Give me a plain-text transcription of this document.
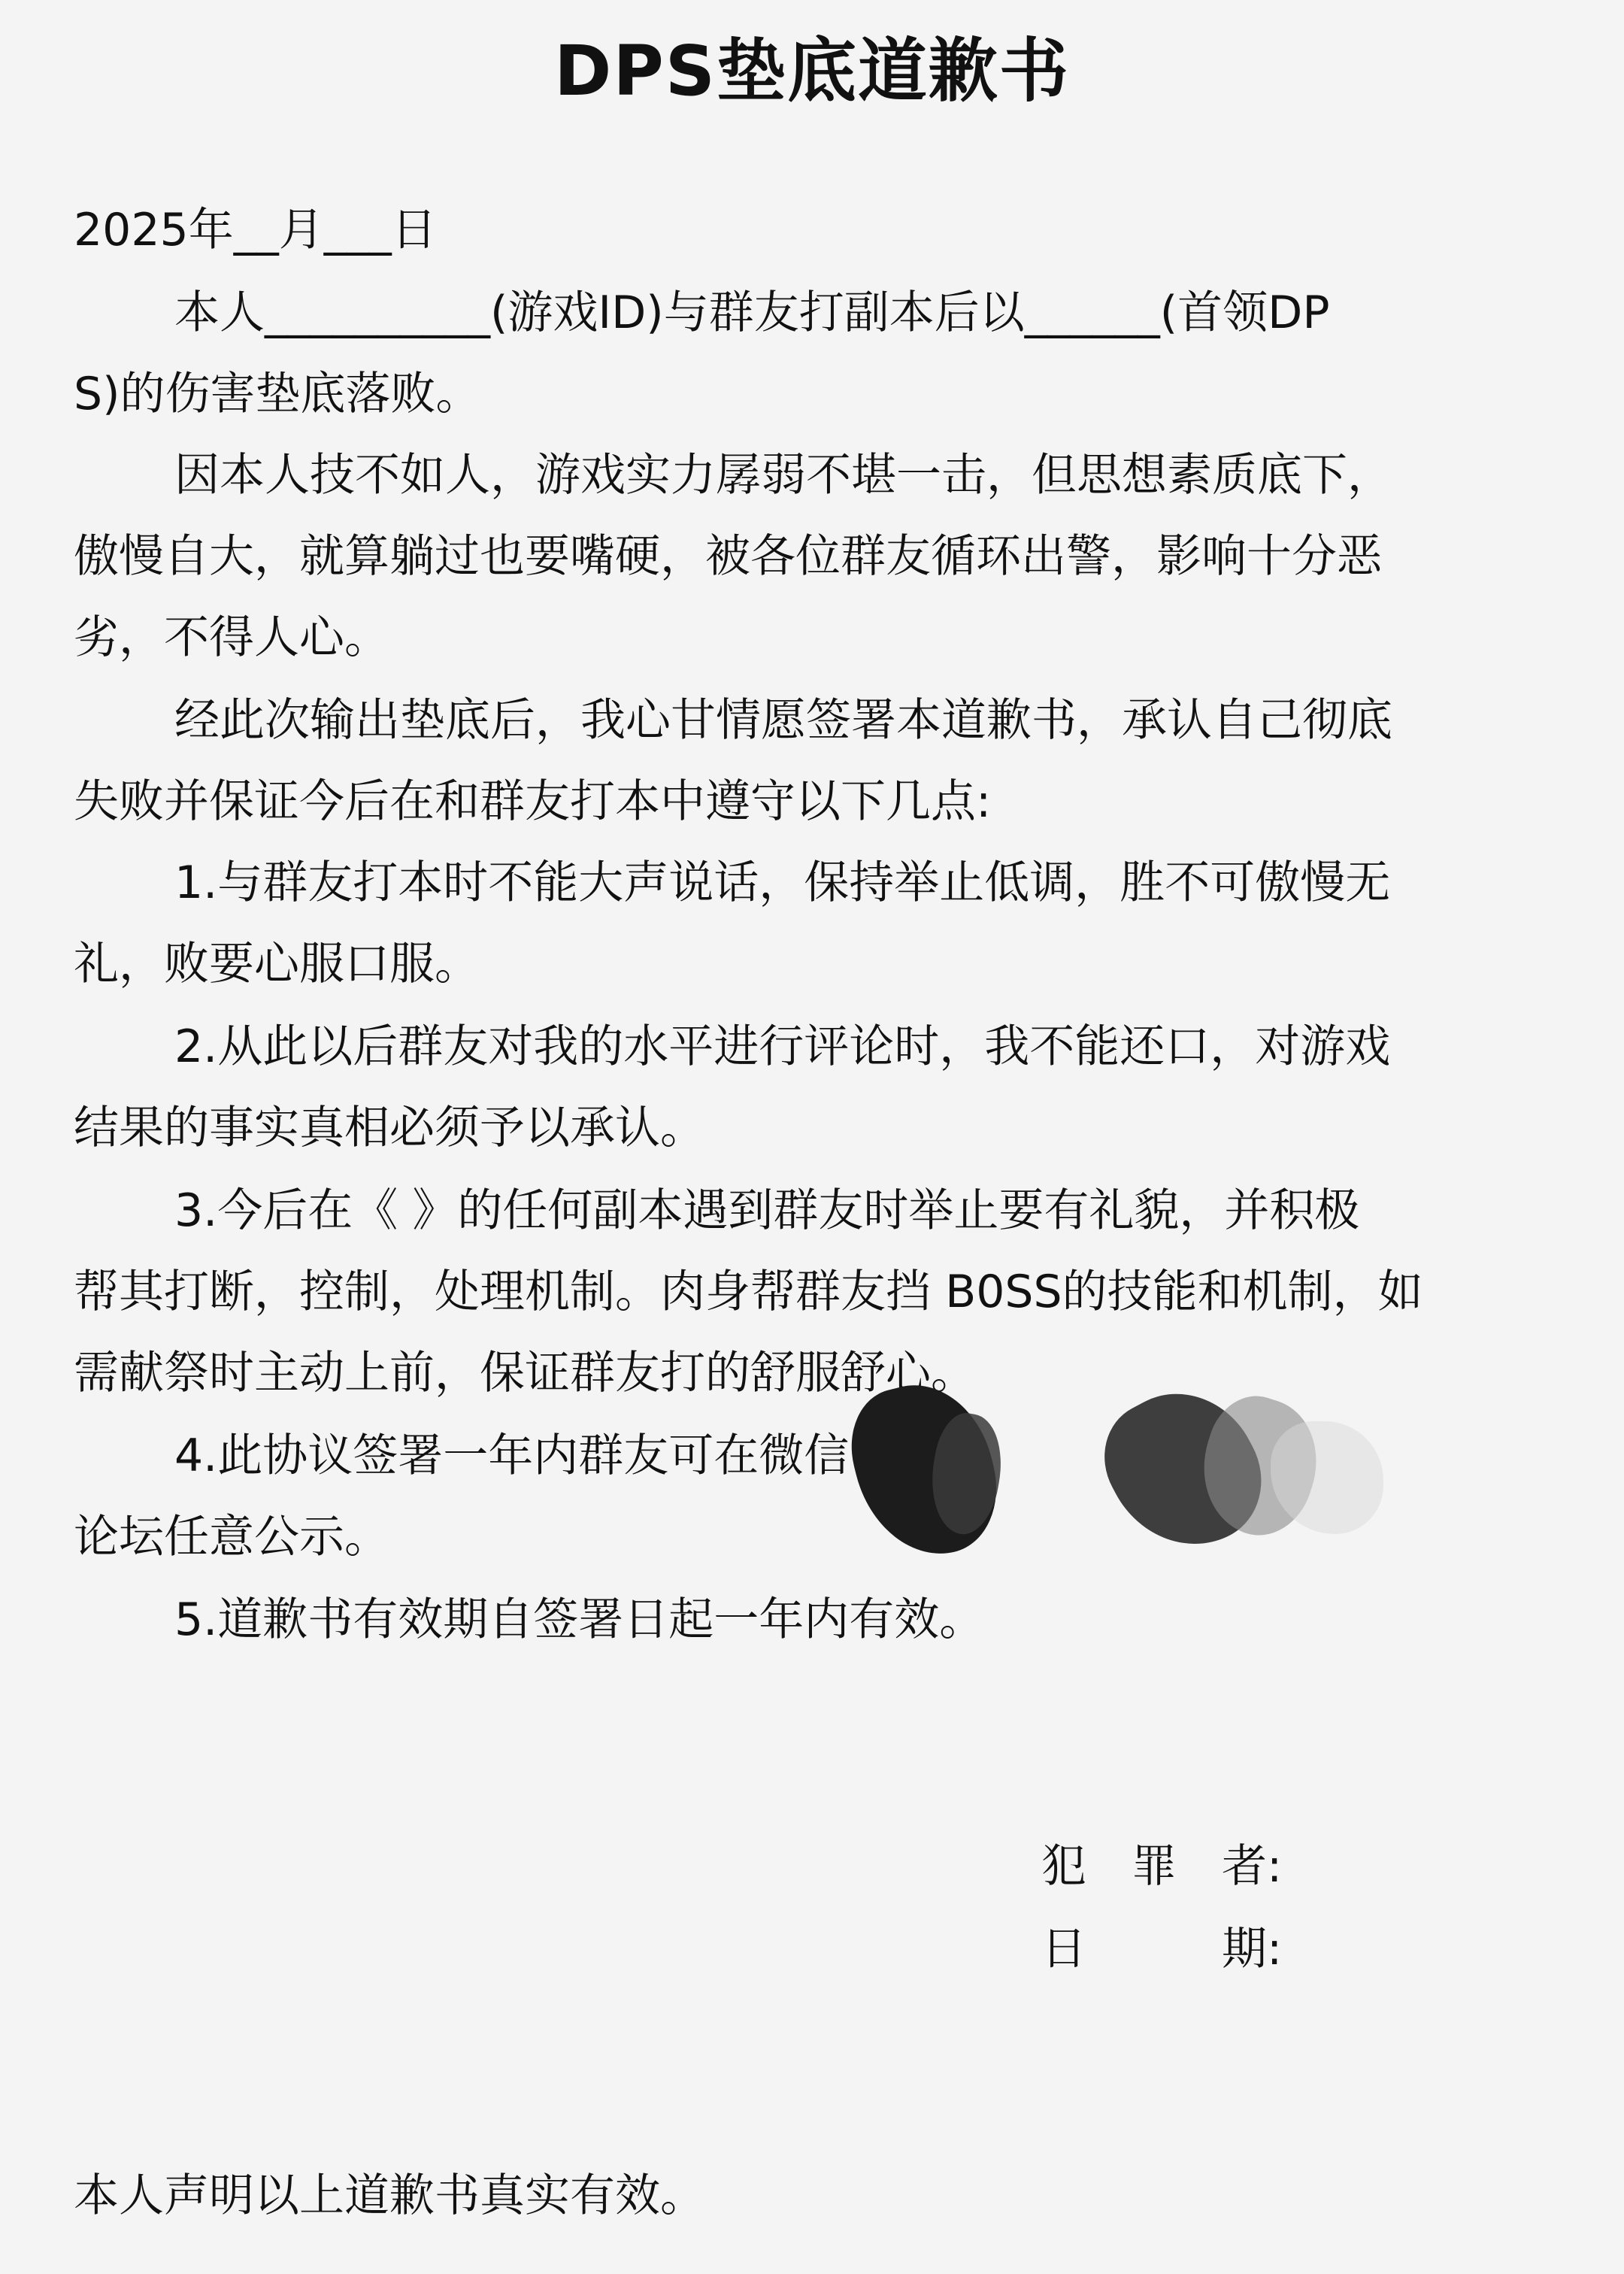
DPS垫底道歉书
2025年__月___日
本人__________(游戏ID)与群友打副本后以______(首领DP
S)的伤害垫底落败。
因本人技不如人，游戏实力孱弱不堪一击，但思想素质底下，
傲慢自大，就算躺过也要嘴硬，被各位群友循环出警，影响十分恶
劣，不得人心。
经此次输出垫底后，我心甘情愿签署本道歉书，承认自己彻底
失败并保证今后在和群友打本中遵守以下几点:
1.与群友打本时不能大声说话，保持举止低调，胜不可傲慢无
礼，败要心服口服。
2.从此以后群友对我的水平进行评论时，我不能还口，对游戏
结果的事实真相必须予以承认。
3.今后在《 》的任何副本遇到群友时举止要有礼貌，并积极
帮其打断，控制，处理机制。肉身帮群友挡 B0SS的技能和机制，如
需献祭时主动上前，保证群友打的舒服舒心。
4.此协议签署一年内群友可在微信
论坛任意公示。
5.道歉书有效期自签署日起一年内有效。
犯　罪　者:
日　　　期:
本人声明以上道歉书真实有效。
